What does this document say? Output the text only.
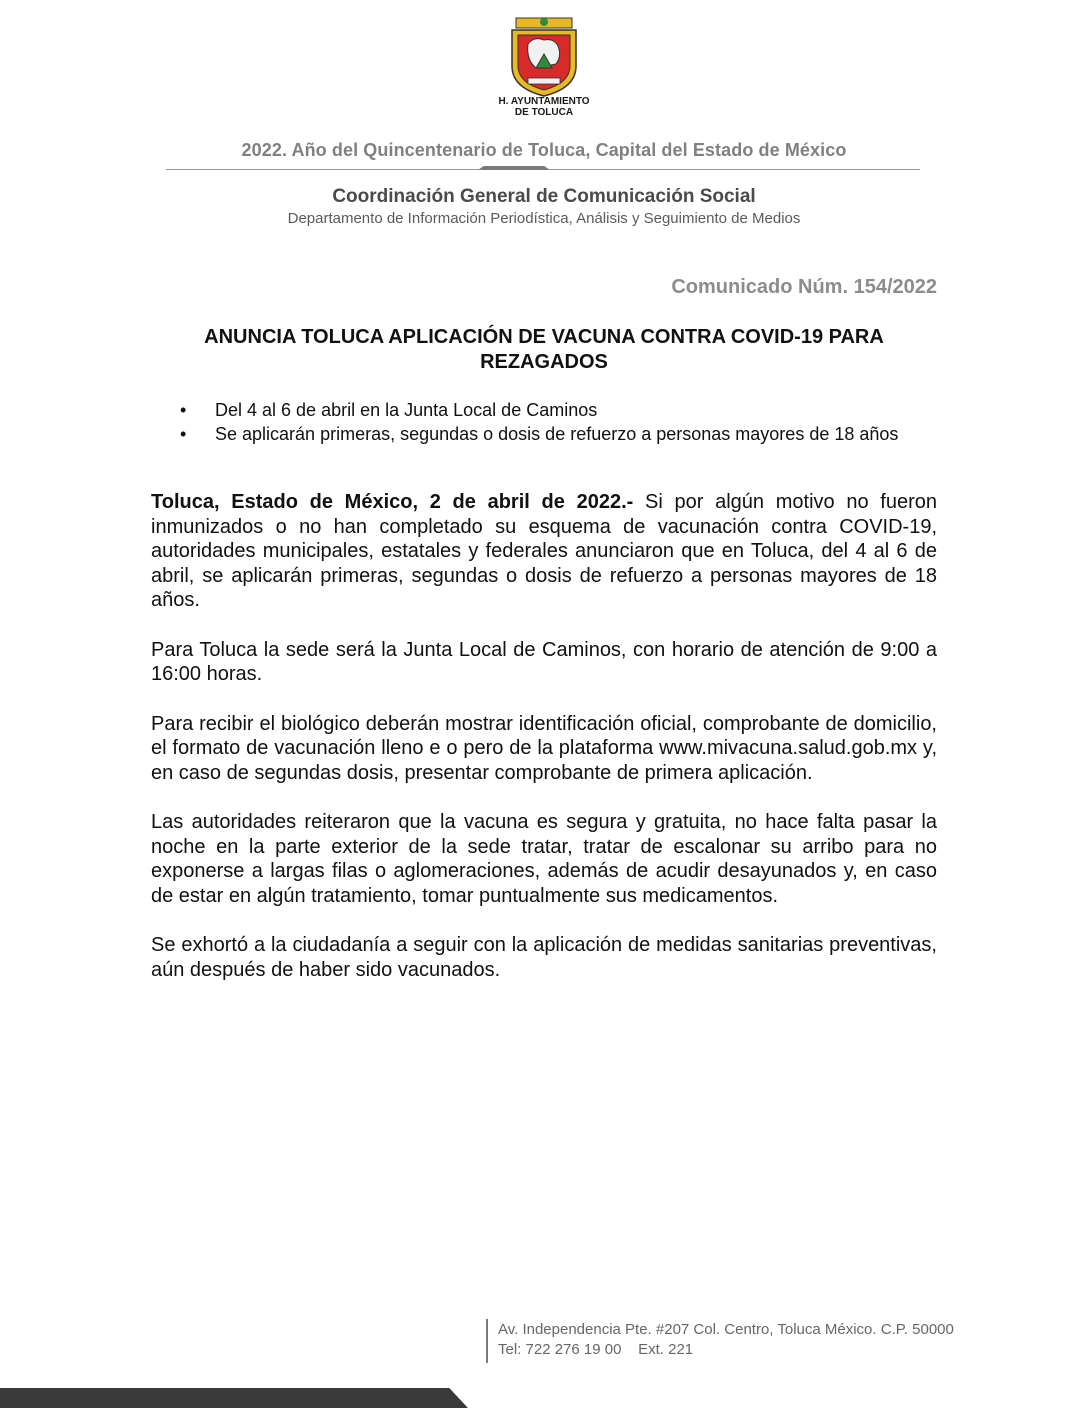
H. AYUNTAMIENTO
DE TOLUCA
2022. Año del Quincentenario de Toluca, Capital del Estado de México
Coordinación General de Comunicación Social
Departamento de Información Periodística, Análisis y Seguimiento de Medios
Comunicado Núm. 154/2022
ANUNCIA TOLUCA APLICACIÓN DE VACUNA CONTRA COVID-19 PARA
REZAGADOS
• Del 4 al 6 de abril en la Junta Local de Caminos
• Se aplicarán primeras, segundas o dosis de refuerzo a personas mayores de 18 años

Toluca, Estado de México, 2 de abril de 2022.- Si por algún motivo no fueron inmunizados o no han completado su esquema de vacunación contra COVID-19, autoridades municipales, estatales y federales anunciaron que en Toluca, del 4 al 6 de abril, se aplicarán primeras, segundas o dosis de refuerzo a personas mayores de 18 años.

Para Toluca la sede será la Junta Local de Caminos, con horario de atención de 9:00 a 16:00 horas.

Para recibir el biológico deberán mostrar identificación oficial, comprobante de domicilio, el formato de vacunación lleno e o pero de la plataforma www.mivacuna.salud.gob.mx y, en caso de segundas dosis, presentar comprobante de primera aplicación.

Las autoridades reiteraron que la vacuna es segura y gratuita, no hace falta pasar la noche en la parte exterior de la sede tratar, tratar de escalonar su arribo para no exponerse a largas filas o aglomeraciones, además de acudir desayunados y, en caso de estar en algún tratamiento, tomar puntualmente sus medicamentos.

Se exhortó a la ciudadanía a seguir con la aplicación de medidas sanitarias preventivas, aún después de haber sido vacunados.

Av. Independencia Pte. #207 Col. Centro, Toluca México. C.P. 50000
Tel: 722 276 19 00    Ext. 221
